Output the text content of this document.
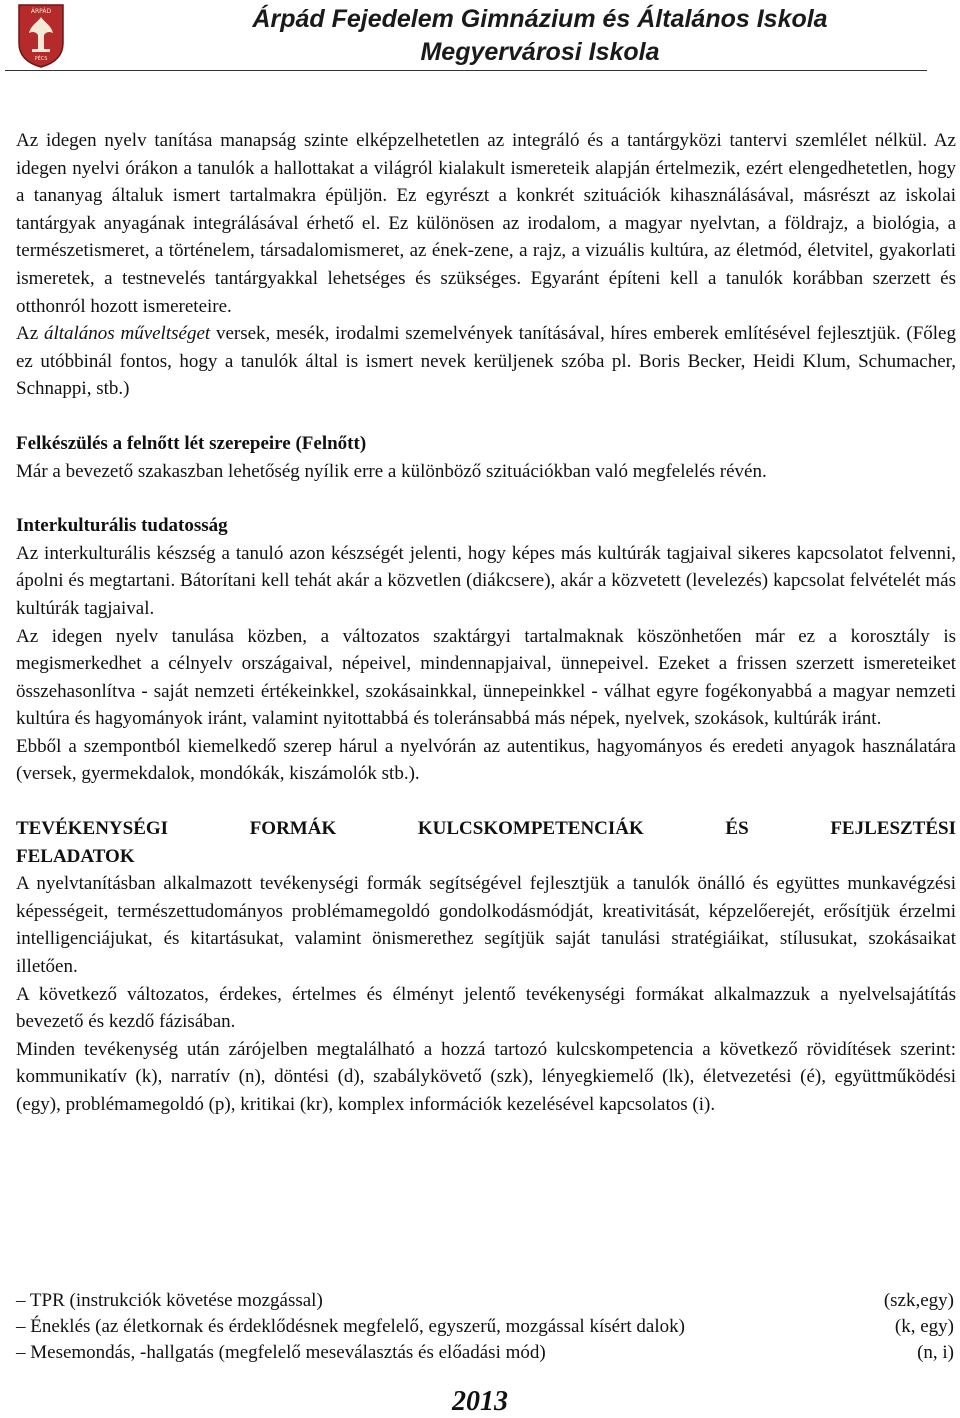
ÁRPÁD
PÉCS
Árpád Fejedelem Gimnázium és Általános Iskola
Megyervárosi Iskola

Az idegen nyelv tanítása manapság szinte elképzelhetetlen az integráló és a tantárgyközi tantervi szemlélet nélkül. Az idegen nyelvi órákon a tanulók a hallottakat a világról kialakult ismereteik alapján értelmezik, ezért elengedhetetlen, hogy a tananyag általuk ismert tartalmakra épüljön. Ez egyrészt a konkrét szituációk kihasználásával, másrészt az iskolai tantárgyak anyagának integrálásával érhető el. Ez különösen az irodalom, a magyar nyelvtan, a földrajz, a biológia, a természetismeret, a történelem, társadalomismeret, az ének-zene, a rajz, a vizuális kultúra, az életmód, életvitel, gyakorlati ismeretek, a testnevelés tantárgyakkal lehetséges és szükséges. Egyaránt építeni kell a tanulók korábban szerzett és otthonról hozott ismereteire.

Az általános műveltséget versek, mesék, irodalmi szemelvények tanításával, híres emberek említésével fejlesztjük. (Főleg ez utóbbinál fontos, hogy a tanulók által is ismert nevek kerüljenek szóba pl. Boris Becker, Heidi Klum, Schumacher, Schnappi, stb.)

Felkészülés a felnőtt lét szerepeire (Felnőtt)

Már a bevezető szakaszban lehetőség nyílik erre a különböző szituációkban való megfelelés révén.

Interkulturális tudatosság

Az interkulturális készség a tanuló azon készségét jelenti, hogy képes más kultúrák tagjaival sikeres kapcsolatot felvenni, ápolni és megtartani. Bátorítani kell tehát akár a közvetlen (diákcsere), akár a közvetett (levelezés) kapcsolat felvételét más kultúrák tagjaival.

Az idegen nyelv tanulása közben, a változatos szaktárgyi tartalmaknak köszönhetően már ez a korosztály is megismerkedhet a célnyelv országaival, népeivel, mindennapjaival, ünnepeivel. Ezeket a frissen szerzett ismereteiket összehasonlítva - saját nemzeti értékeinkkel, szokásainkkal, ünnepeinkkel - válhat egyre fogékonyabbá a magyar nemzeti kultúra és hagyományok iránt, valamint nyitottabbá és toleránsabbá más népek, nyelvek, szokások, kultúrák iránt.

Ebből a szempontból kiemelkedő szerep hárul a nyelvórán az autentikus, hagyományos és eredeti anyagok használatára (versek, gyermekdalok, mondókák, kiszámolók stb.).

TEVÉKENYSÉGI FORMÁK KULCSKOMPETENCIÁK ÉS FEJLESZTÉSI

FELADATOK

A nyelvtanításban alkalmazott tevékenységi formák segítségével fejlesztjük a tanulók önálló és együttes munkavégzési képességeit, természettudományos problémamegoldó gondolkodásmódját, kreativitását, képzelőerejét, erősítjük érzelmi intelligenciájukat, és kitartásukat, valamint önismerethez segítjük saját tanulási stratégiáikat, stílusukat, szokásaikat illetően.

A következő változatos, érdekes, értelmes és élményt jelentő tevékenységi formákat alkalmazzuk a nyelvelsajátítás bevezető és kezdő fázisában.

Minden tevékenység után zárójelben megtalálható a hozzá tartozó kulcskompetencia a következő rövidítések szerint: kommunikatív (k), narratív (n), döntési (d), szabálykövető (szk), lényegkiemelő (lk), életvezetési (é), együttműködési (egy), problémamegoldó (p), kritikai (kr), komplex információk kezelésével kapcsolatos (i).

– TPR (instrukciók követése mozgással)	(szk,egy)
– Éneklés (az életkornak és érdeklődésnek megfelelő, egyszerű, mozgással kísért dalok)	(k, egy)
– Mesemondás, -hallgatás (megfelelő meseválasztás és előadási mód)	(n, i)
2013
